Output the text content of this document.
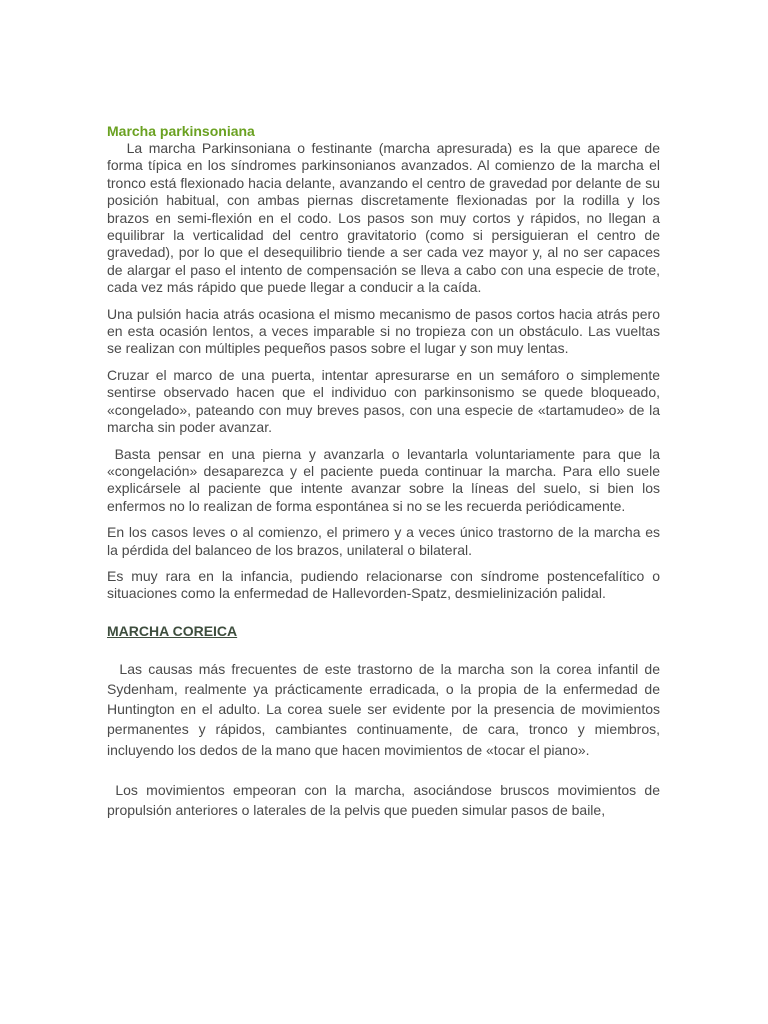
Marcha parkinsoniana

La marcha Parkinsoniana o festinante (marcha apresurada) es la que aparece de forma típica en los síndromes parkinsonianos avanzados. Al comienzo de la marcha el tronco está flexionado hacia delante, avanzando el centro de gravedad por delante de su posición habitual, con ambas piernas discretamente flexionadas por la rodilla y los brazos en semi-flexión en el codo. Los pasos son muy cortos y rápidos, no llegan a equilibrar la verticalidad del centro gravitatorio (como si persiguieran el centro de gravedad), por lo que el desequilibrio tiende a ser cada vez mayor y, al no ser capaces de alargar el paso el intento de compensación se lleva a cabo con una especie de trote, cada vez más rápido que puede llegar a conducir a la caída.

Una pulsión hacia atrás ocasiona el mismo mecanismo de pasos cortos hacia atrás pero en esta ocasión lentos, a veces imparable si no tropieza con un obstáculo. Las vueltas se realizan con múltiples pequeños pasos sobre el lugar y son muy lentas.

Cruzar el marco de una puerta, intentar apresurarse en un semáforo o simplemente sentirse observado hacen que el individuo con parkinsonismo se quede bloqueado, «congelado», pateando con muy breves pasos, con una especie de «tartamudeo» de la marcha sin poder avanzar.

Basta pensar en una pierna y avanzarla o levantarla voluntariamente para que la «congelación» desaparezca y el paciente pueda continuar la marcha. Para ello suele explicársele al paciente que intente avanzar sobre la líneas del suelo, si bien los enfermos no lo realizan de forma espontánea si no se les recuerda periódicamente.

En los casos leves o al comienzo, el primero y a veces único trastorno de la marcha es la pérdida del balanceo de los brazos, unilateral o bilateral.

Es muy rara en la infancia, pudiendo relacionarse con síndrome postencefalítico o situaciones como la enfermedad de Hallevorden-Spatz, desmielinización palidal.

MARCHA COREICA

Las causas más frecuentes de este trastorno de la marcha son la corea infantil de Sydenham, realmente ya prácticamente erradicada, o la propia de la enfermedad de Huntington en el adulto. La corea suele ser evidente por la presencia de movimientos permanentes y rápidos, cambiantes continuamente, de cara, tronco y miembros, incluyendo los dedos de la mano que hacen movimientos de «tocar el piano».

Los movimientos empeoran con la marcha, asociándose bruscos movimientos de propulsión anteriores o laterales de la pelvis que pueden simular pasos de baile,
